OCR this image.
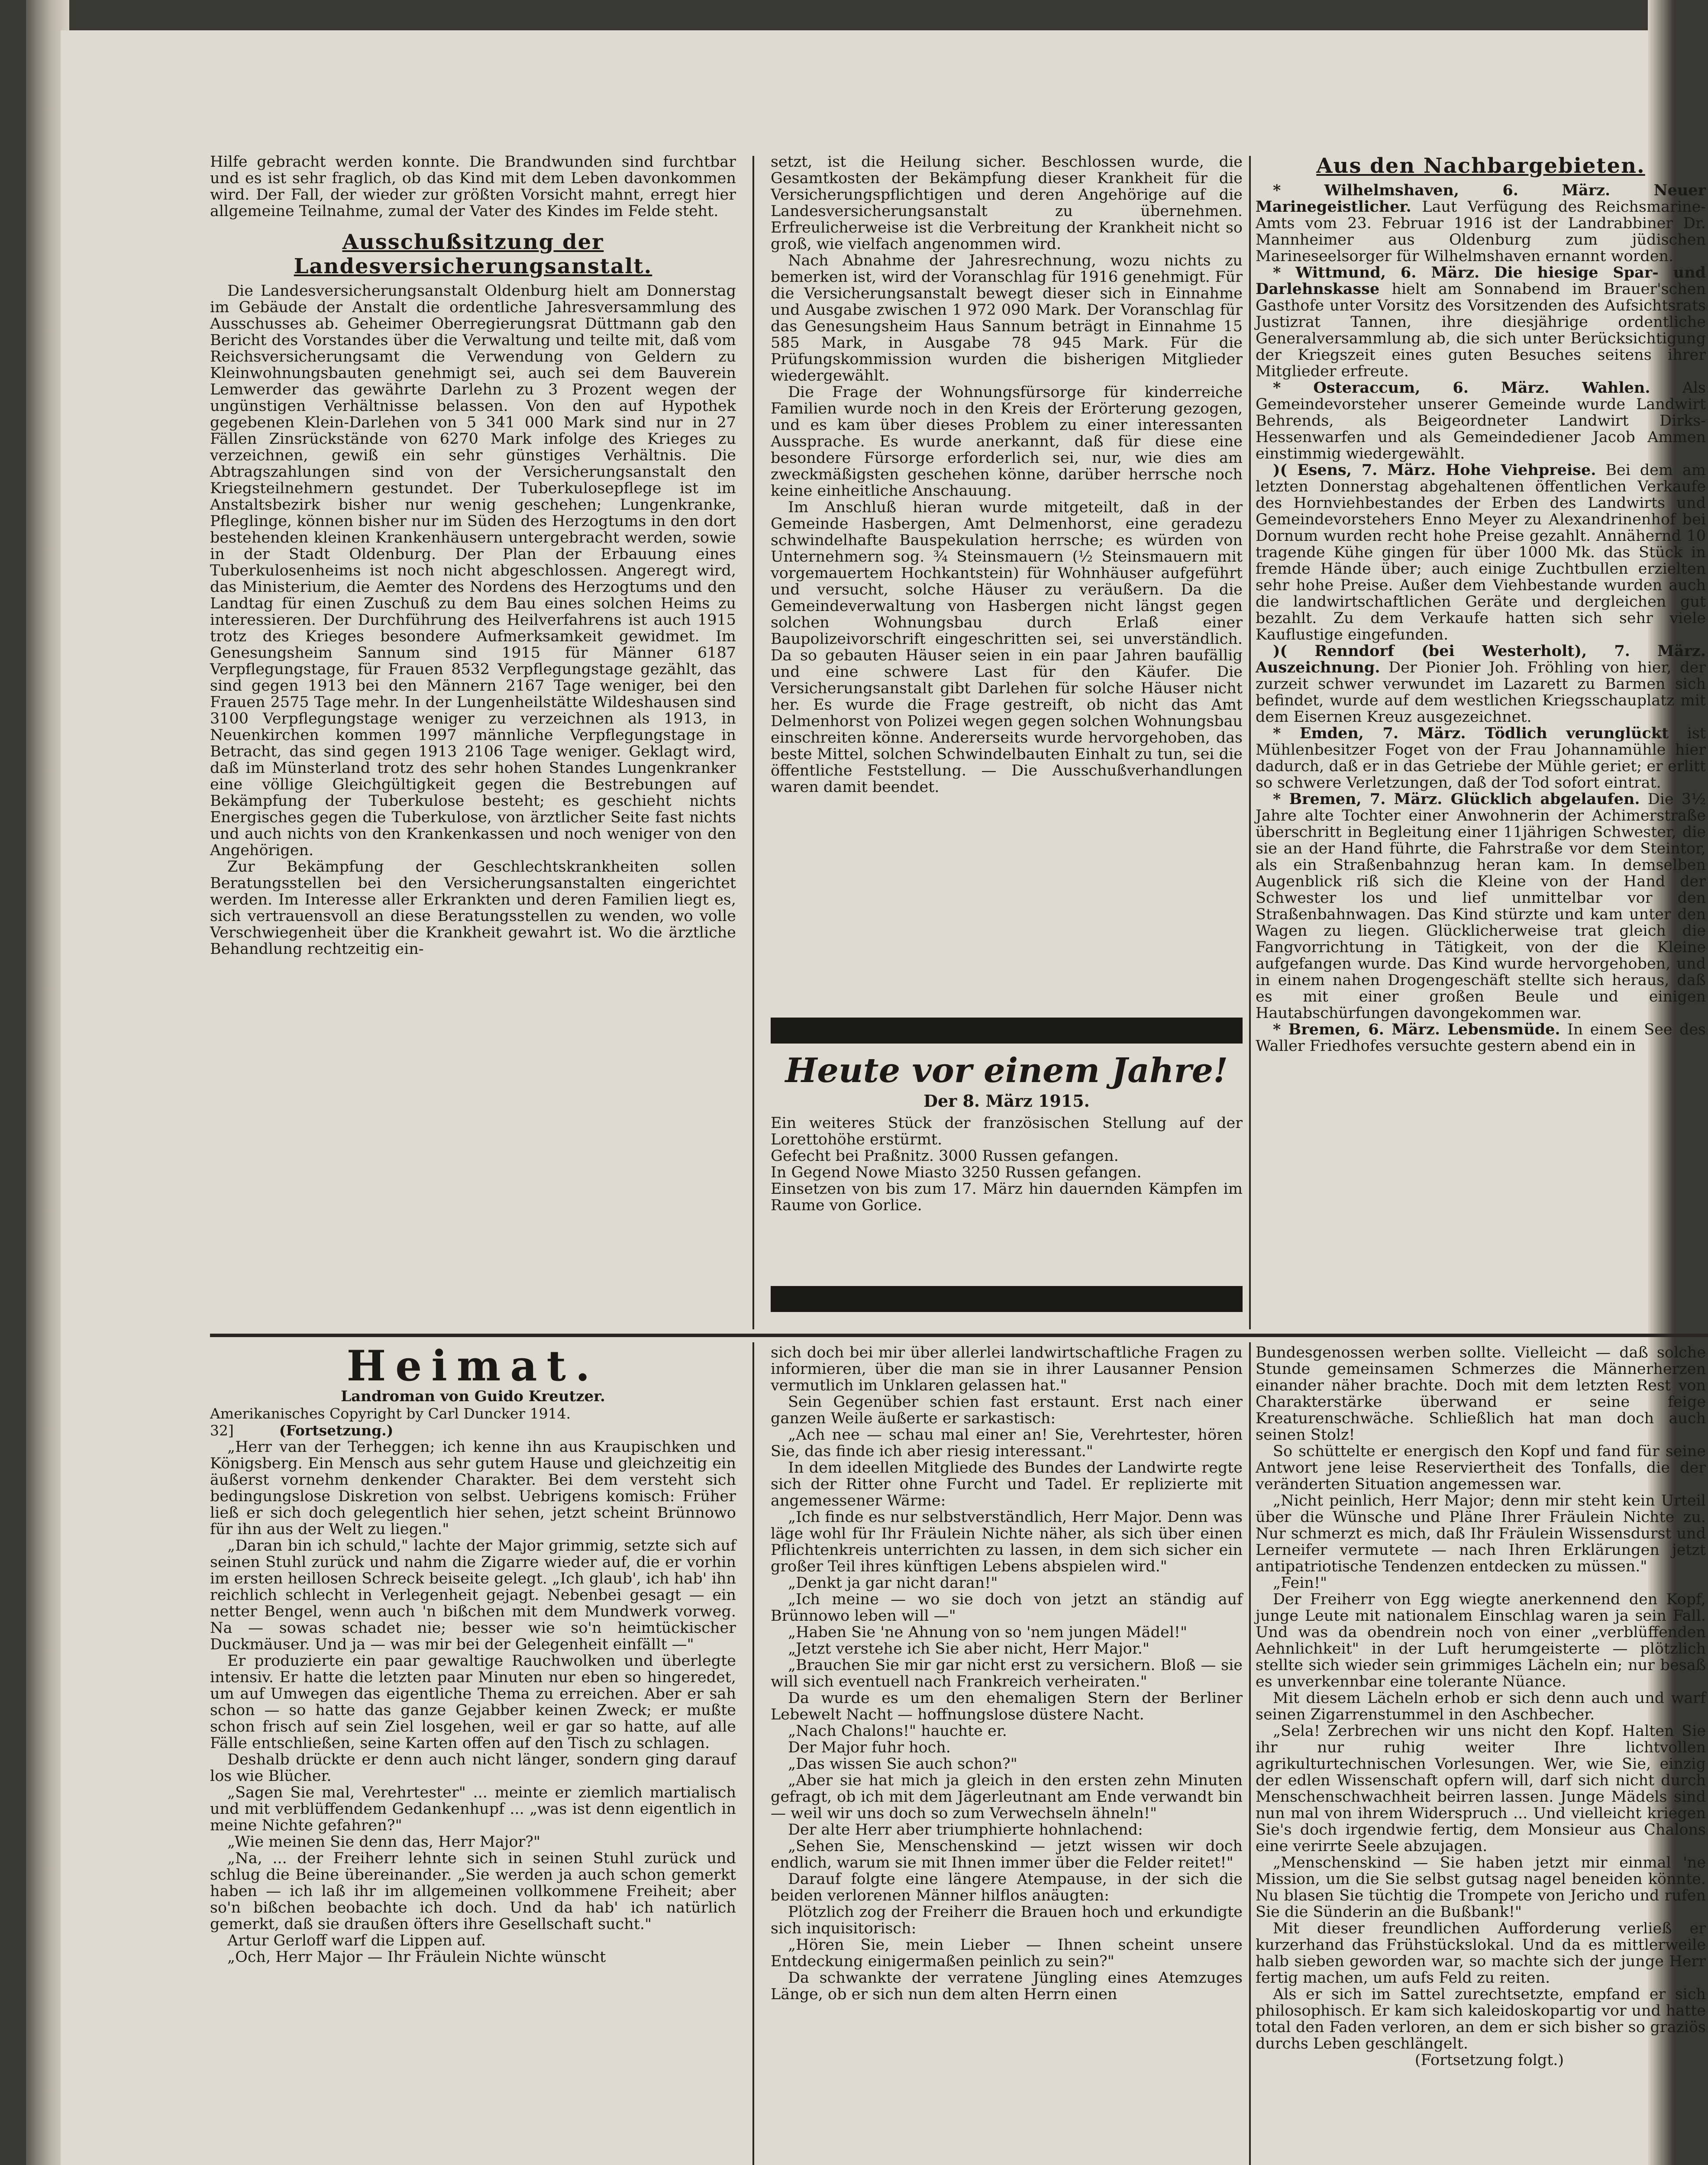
Hilfe gebracht werden konnte. Die Brandwunden sind furchtbar und es ist sehr fraglich, ob das Kind mit dem Leben davonkommen wird. Der Fall, der wieder zur größten Vorsicht mahnt, erregt hier allgemeine Teilnahme, zumal der Vater des Kindes im Felde steht.

Ausschußsitzung der Landesversicherungsanstalt.

Die Landesversicherungsanstalt Oldenburg hielt am Donnerstag im Gebäude der Anstalt die ordentliche Jahresversammlung des Ausschusses ab. Geheimer Oberregierungsrat Düttmann gab den Bericht des Vorstandes über die Verwaltung und teilte mit, daß vom Reichsversicherungsamt die Verwendung von Geldern zu Kleinwohnungsbauten genehmigt sei, auch sei dem Bauverein Lemwerder das gewährte Darlehn zu 3 Prozent wegen der ungünstigen Verhältnisse belassen. Von den auf Hypothek gegebenen Klein-Darlehen von 5 341 000 Mark sind nur in 27 Fällen Zinsrückstände von 6270 Mark infolge des Krieges zu verzeichnen, gewiß ein sehr günstiges Verhältnis. Die Abtragszahlungen sind von der Versicherungsanstalt den Kriegsteilnehmern gestundet. Der Tuberkulosepflege ist im Anstaltsbezirk bisher nur wenig geschehen; Lungenkranke, Pfleglinge, können bisher nur im Süden des Herzogtums in den dort bestehenden kleinen Krankenhäusern untergebracht werden, sowie in der Stadt Oldenburg. Der Plan der Erbauung eines Tuberkulosenheims ist noch nicht abgeschlossen. Angeregt wird, das Ministerium, die Aemter des Nordens des Herzogtums und den Landtag für einen Zuschuß zu dem Bau eines solchen Heims zu interessieren. Der Durchführung des Heilverfahrens ist auch 1915 trotz des Krieges besondere Aufmerksamkeit gewidmet. Im Genesungsheim Sannum sind 1915 für Männer 6187 Verpflegungstage, für Frauen 8532 Verpflegungstage gezählt, das sind gegen 1913 bei den Männern 2167 Tage weniger, bei den Frauen 2575 Tage mehr. In der Lungenheilstätte Wildeshausen sind 3100 Verpflegungstage weniger zu verzeichnen als 1913, in Neuenkirchen kommen 1997 männliche Verpflegungstage in Betracht, das sind gegen 1913 2106 Tage weniger. Geklagt wird, daß im Münsterland trotz des sehr hohen Standes Lungenkranker eine völlige Gleichgültigkeit gegen die Bestrebungen auf Bekämpfung der Tuberkulose besteht; es geschieht nichts Energisches gegen die Tuberkulose, von ärztlicher Seite fast nichts und auch nichts von den Krankenkassen und noch weniger von den Angehörigen.

Zur Bekämpfung der Geschlechtskrankheiten sollen Beratungsstellen bei den Versicherungsanstalten eingerichtet werden. Im Interesse aller Erkrankten und deren Familien liegt es, sich vertrauensvoll an diese Beratungsstellen zu wenden, wo volle Verschwiegenheit über die Krankheit gewahrt ist. Wo die ärztliche Behandlung rechtzeitig ein-

setzt, ist die Heilung sicher. Beschlossen wurde, die Gesamtkosten der Bekämpfung dieser Krankheit für die Versicherungspflichtigen und deren Angehörige auf die Landesversicherungsanstalt zu übernehmen. Erfreulicherweise ist die Verbreitung der Krankheit nicht so groß, wie vielfach angenommen wird.

Nach Abnahme der Jahresrechnung, wozu nichts zu bemerken ist, wird der Voranschlag für 1916 genehmigt. Für die Versicherungsanstalt bewegt dieser sich in Einnahme und Ausgabe zwischen 1 972 090 Mark. Der Voranschlag für das Genesungsheim Haus Sannum beträgt in Einnahme 15 585 Mark, in Ausgabe 78 945 Mark. Für die Prüfungskommission wurden die bisherigen Mitglieder wiedergewählt.

Die Frage der Wohnungsfürsorge für kinderreiche Familien wurde noch in den Kreis der Erörterung gezogen, und es kam über dieses Problem zu einer interessanten Aussprache. Es wurde anerkannt, daß für diese eine besondere Fürsorge erforderlich sei, nur, wie dies am zweckmäßigsten geschehen könne, darüber herrsche noch keine einheitliche Anschauung.

Im Anschluß hieran wurde mitgeteilt, daß in der Gemeinde Hasbergen, Amt Delmenhorst, eine geradezu schwindelhafte Bauspekulation herrsche; es würden von Unternehmern sog. ¾ Steinsmauern (½ Steinsmauern mit vorgemauertem Hochkantstein) für Wohnhäuser aufgeführt und versucht, solche Häuser zu veräußern. Da die Gemeindeverwaltung von Hasbergen nicht längst gegen solchen Wohnungsbau durch Erlaß einer Baupolizeivorschrift eingeschritten sei, sei unverständlich. Da so gebauten Häuser seien in ein paar Jahren baufällig und eine schwere Last für den Käufer. Die Versicherungsanstalt gibt Darlehen für solche Häuser nicht her. Es wurde die Frage gestreift, ob nicht das Amt Delmenhorst von Polizei wegen gegen solchen Wohnungsbau einschreiten könne. Andererseits wurde hervorgehoben, das beste Mittel, solchen Schwindelbauten Einhalt zu tun, sei die öffentliche Feststellung. — Die Ausschußverhandlungen waren damit beendet.

Heute vor einem Jahre!

Der 8. März 1915.

Ein weiteres Stück der französischen Stellung auf der Lorettohöhe erstürmt.

Gefecht bei Praßnitz. 3000 Russen gefangen.

In Gegend Nowe Miasto 3250 Russen gefangen.

Einsetzen von bis zum 17. März hin dauernden Kämpfen im Raume von Gorlice.

Aus den Nachbargebieten.

* Wilhelmshaven, 6. März. Neuer Marinegeistlicher. Laut Verfügung des Reichsmarine-Amts vom 23. Februar 1916 ist der Landrabbiner Dr. Mannheimer aus Oldenburg zum jüdischen Marineseelsorger für Wilhelmshaven ernannt worden.

* Wittmund, 6. März. Die hiesige Spar- und Darlehnskasse hielt am Sonnabend im Brauer'schen Gasthofe unter Vorsitz des Vorsitzenden des Aufsichtsrats Justizrat Tannen, ihre diesjährige ordentliche Generalversammlung ab, die sich unter Berücksichtigung der Kriegszeit eines guten Besuches seitens ihrer Mitglieder erfreute.

* Osteraccum, 6. März. Wahlen. Als Gemeindevorsteher unserer Gemeinde wurde Landwirt Behrends, als Beigeordneter Landwirt Dirks-Hessenwarfen und als Gemeindediener Jacob Ammen einstimmig wiedergewählt.

)( Esens, 7. März. Hohe Viehpreise. Bei dem am letzten Donnerstag abgehaltenen öffentlichen Verkaufe des Hornviehbestandes der Erben des Landwirts und Gemeindevorstehers Enno Meyer zu Alexandrinenhof bei Dornum wurden recht hohe Preise gezahlt. Annähernd 10 tragende Kühe gingen für über 1000 Mk. das Stück in fremde Hände über; auch einige Zuchtbullen erzielten sehr hohe Preise. Außer dem Viehbestande wurden auch die landwirtschaftlichen Geräte und dergleichen gut bezahlt. Zu dem Verkaufe hatten sich sehr viele Kauflustige eingefunden.

)( Renndorf (bei Westerholt), 7. März. Auszeichnung. Der Pionier Joh. Fröhling von hier, der zurzeit schwer verwundet im Lazarett zu Barmen sich befindet, wurde auf dem westlichen Kriegsschauplatz mit dem Eisernen Kreuz ausgezeichnet.

* Emden, 7. März. Tödlich verunglückt ist Mühlenbesitzer Foget von der Frau Johannamühle hier dadurch, daß er in das Getriebe der Mühle geriet; er erlitt so schwere Verletzungen, daß der Tod sofort eintrat.

* Bremen, 7. März. Glücklich abgelaufen. Die 3½ Jahre alte Tochter einer Anwohnerin der Achimerstraße überschritt in Begleitung einer 11jährigen Schwester, die sie an der Hand führte, die Fahrstraße vor dem Steintor, als ein Straßenbahnzug heran kam. In demselben Augenblick riß sich die Kleine von der Hand der Schwester los und lief unmittelbar vor den Straßenbahnwagen. Das Kind stürzte und kam unter den Wagen zu liegen. Glücklicherweise trat gleich die Fangvorrichtung in Tätigkeit, von der die Kleine aufgefangen wurde. Das Kind wurde hervorgehoben, und in einem nahen Drogengeschäft stellte sich heraus, daß es mit einer großen Beule und einigen Hautabschürfungen davongekommen war.

* Bremen, 6. März. Lebensmüde. In einem See des Waller Friedhofes versuchte gestern abend ein in

Heimat.

Landroman von Guido Kreutzer.

Amerikanisches Copyright by Carl Duncker 1914.

32]	(Fortsetzung.)

„Herr van der Terheggen; ich kenne ihn aus Kraupischken und Königsberg. Ein Mensch aus sehr gutem Hause und gleichzeitig ein äußerst vornehm denkender Charakter. Bei dem versteht sich bedingungslose Diskretion von selbst. Uebrigens komisch: Früher ließ er sich doch gelegentlich hier sehen, jetzt scheint Brünnowo für ihn aus der Welt zu liegen."

„Daran bin ich schuld," lachte der Major grimmig, setzte sich auf seinen Stuhl zurück und nahm die Zigarre wieder auf, die er vorhin im ersten heillosen Schreck beiseite gelegt. „Ich glaub', ich hab' ihn reichlich schlecht in Verlegenheit gejagt. Nebenbei gesagt — ein netter Bengel, wenn auch 'n bißchen mit dem Mundwerk vorweg. Na — sowas schadet nie; besser wie so'n heimtückischer Duckmäuser. Und ja — was mir bei der Gelegenheit einfällt —"

Er produzierte ein paar gewaltige Rauchwolken und überlegte intensiv. Er hatte die letzten paar Minuten nur eben so hingeredet, um auf Umwegen das eigentliche Thema zu erreichen. Aber er sah schon — so hatte das ganze Gejabber keinen Zweck; er mußte schon frisch auf sein Ziel losgehen, weil er gar so hatte, auf alle Fälle entschließen, seine Karten offen auf den Tisch zu schlagen.

Deshalb drückte er denn auch nicht länger, sondern ging darauf los wie Blücher.

„Sagen Sie mal, Verehrtester" ... meinte er ziemlich martialisch und mit verblüffendem Gedankenhupf ... „was ist denn eigentlich in meine Nichte gefahren?"

„Wie meinen Sie denn das, Herr Major?"

„Na, ... der Freiherr lehnte sich in seinen Stuhl zurück und schlug die Beine übereinander. „Sie werden ja auch schon gemerkt haben — ich laß ihr im allgemeinen vollkommene Freiheit; aber so'n bißchen beobachte ich doch. Und da hab' ich natürlich gemerkt, daß sie draußen öfters ihre Gesellschaft sucht."

Artur Gerloff warf die Lippen auf.

„Och, Herr Major — Ihr Fräulein Nichte wünscht

sich doch bei mir über allerlei landwirtschaftliche Fragen zu informieren, über die man sie in ihrer Lausanner Pension vermutlich im Unklaren gelassen hat."

Sein Gegenüber schien fast erstaunt. Erst nach einer ganzen Weile äußerte er sarkastisch:

„Ach nee — schau mal einer an! Sie, Verehrtester, hören Sie, das finde ich aber riesig interessant."

In dem ideellen Mitgliede des Bundes der Landwirte regte sich der Ritter ohne Furcht und Tadel. Er replizierte mit angemessener Wärme:

„Ich finde es nur selbstverständlich, Herr Major. Denn was läge wohl für Ihr Fräulein Nichte näher, als sich über einen Pflichtenkreis unterrichten zu lassen, in dem sich sicher ein großer Teil ihres künftigen Lebens abspielen wird."

„Denkt ja gar nicht daran!"

„Ich meine — wo sie doch von jetzt an ständig auf Brünnowo leben will —"

„Haben Sie 'ne Ahnung von so 'nem jungen Mädel!"

„Jetzt verstehe ich Sie aber nicht, Herr Major."

„Brauchen Sie mir gar nicht erst zu versichern. Bloß — sie will sich eventuell nach Frankreich verheiraten."

Da wurde es um den ehemaligen Stern der Berliner Lebewelt Nacht — hoffnungslose düstere Nacht.

„Nach Chalons!" hauchte er.

Der Major fuhr hoch.

„Das wissen Sie auch schon?"

„Aber sie hat mich ja gleich in den ersten zehn Minuten gefragt, ob ich mit dem Jägerleutnant am Ende verwandt bin — weil wir uns doch so zum Verwechseln ähneln!"

Der alte Herr aber triumphierte hohnlachend:

„Sehen Sie, Menschenskind — jetzt wissen wir doch endlich, warum sie mit Ihnen immer über die Felder reitet!"

Darauf folgte eine längere Atempause, in der sich die beiden verlorenen Männer hilflos anäugten:

Plötzlich zog der Freiherr die Brauen hoch und erkundigte sich inquisitorisch:

„Hören Sie, mein Lieber — Ihnen scheint unsere Entdeckung einigermaßen peinlich zu sein?"

Da schwankte der verratene Jüngling eines Atemzuges Länge, ob er sich nun dem alten Herrn einen

Bundesgenossen werben sollte. Vielleicht — daß solche Stunde gemeinsamen Schmerzes die Männerherzen einander näher brachte. Doch mit dem letzten Rest von Charakterstärke überwand er seine feige Kreaturenschwäche. Schließlich hat man doch auch seinen Stolz!

So schüttelte er energisch den Kopf und fand für seine Antwort jene leise Reserviertheit des Tonfalls, die der veränderten Situation angemessen war.

„Nicht peinlich, Herr Major; denn mir steht kein Urteil über die Wünsche und Pläne Ihrer Fräulein Nichte zu. Nur schmerzt es mich, daß Ihr Fräulein Wissensdurst und Lerneifer vermutete — nach Ihren Erklärungen jetzt antipatriotische Tendenzen entdecken zu müssen."

„Fein!"

Der Freiherr von Egg wiegte anerkennend den Kopf, junge Leute mit nationalem Einschlag waren ja sein Fall. Und was da obendrein noch von einer „verblüffenden Aehnlichkeit" in der Luft herumgeisterte — plötzlich stellte sich wieder sein grimmiges Lächeln ein; nur besaß es unverkennbar eine tolerante Nüance.

Mit diesem Lächeln erhob er sich denn auch und warf seinen Zigarrenstummel in den Aschbecher.

„Sela! Zerbrechen wir uns nicht den Kopf. Halten Sie ihr nur ruhig weiter Ihre lichtvollen agrikulturtechnischen Vorlesungen. Wer, wie Sie, einzig der edlen Wissenschaft opfern will, darf sich nicht durch Menschenschwachheit beirren lassen. Junge Mädels sind nun mal von ihrem Widerspruch ... Und vielleicht kriegen Sie's doch irgendwie fertig, dem Monsieur aus Chalons eine verirrte Seele abzujagen.

„Menschenskind — Sie haben jetzt mir einmal 'ne Mission, um die Sie selbst gutsag nagel beneiden könnte. Nu blasen Sie tüchtig die Trompete von Jericho und rufen Sie die Sünderin an die Bußbank!"

Mit dieser freundlichen Aufforderung verließ er kurzerhand das Frühstückslokal. Und da es mittlerweile halb sieben geworden war, so machte sich der junge Herr fertig machen, um aufs Feld zu reiten.

Als er sich im Sattel zurechtsetzte, empfand er sich philosophisch. Er kam sich kaleidoskopartig vor und hatte total den Faden verloren, an dem er sich bisher so graziös durchs Leben geschlängelt.

(Fortsetzung folgt.)
